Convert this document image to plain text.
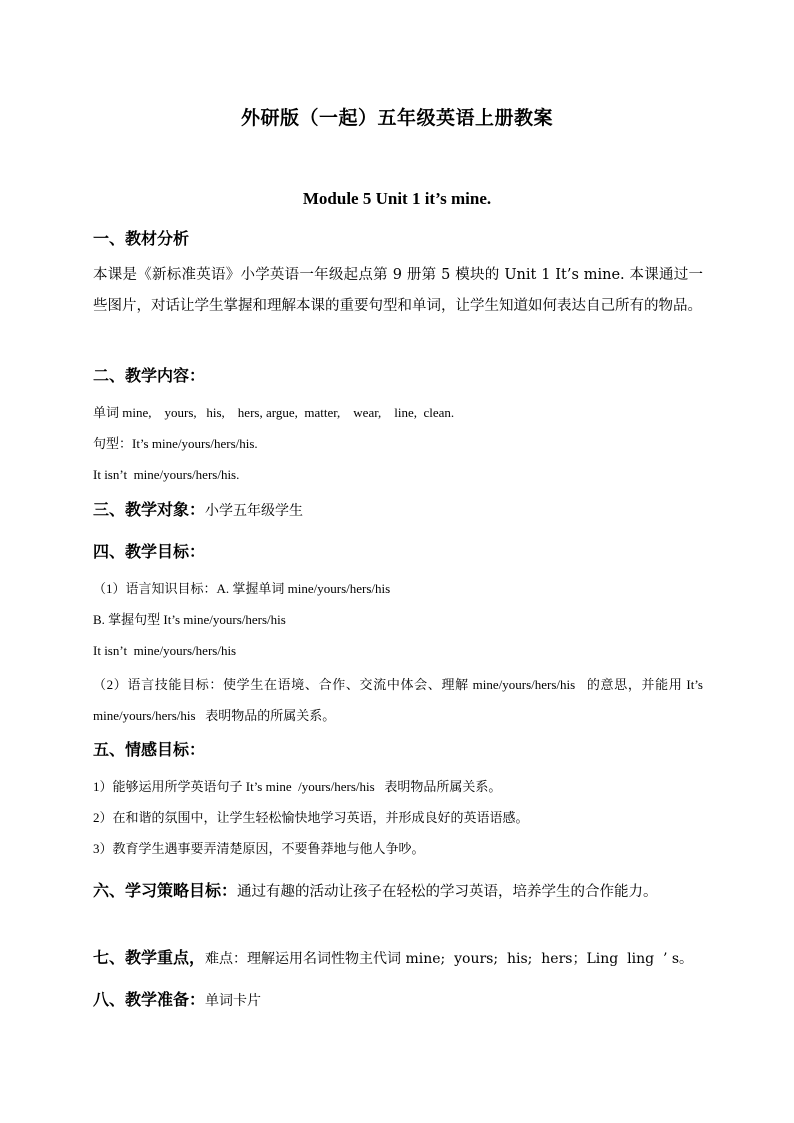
外研版（一起）五年级英语上册教案
Module 5 Unit 1 it’s mine.
一、教材分析
本课是《新标准英语》小学英语一年级起点第 9 册第 5 模块的 Unit 1 It’s mine. 本课通过一些图片，对话让学生掌握和理解本课的重要句型和单词，让学生知道如何表达自己所有的物品。
二、教学内容：
单词 mine,    yours,   his,    hers, argue,  matter,    wear,    line,  clean.
句型：It’s mine/yours/hers/his.
It isn’t  mine/yours/hers/his.
三、教学对象：小学五年级学生
四、教学目标：
（1）语言知识目标：A. 掌握单词 mine/yours/hers/his
B. 掌握句型 It’s mine/yours/hers/his
It isn’t  mine/yours/hers/his
（2）语言技能目标：使学生在语境、合作、交流中体会、理解 mine/yours/hers/his   的意思，并能用 It’s mine/yours/hers/his   表明物品的所属关系。
五、情感目标：
1）能够运用所学英语句子 It’s mine  /yours/hers/his   表明物品所属关系。
2）在和谐的氛围中，让学生轻松愉快地学习英语，并形成良好的英语语感。
3）教育学生遇事要弄清楚原因，不要鲁莽地与他人争吵。
六、学习策略目标：通过有趣的活动让孩子在轻松的学习英语，培养学生的合作能力。
七、教学重点，难点：理解运用名词性物主代词 mine;  yours;  his;  hers；Ling  ling  ’ s。
八、教学准备：单词卡片
